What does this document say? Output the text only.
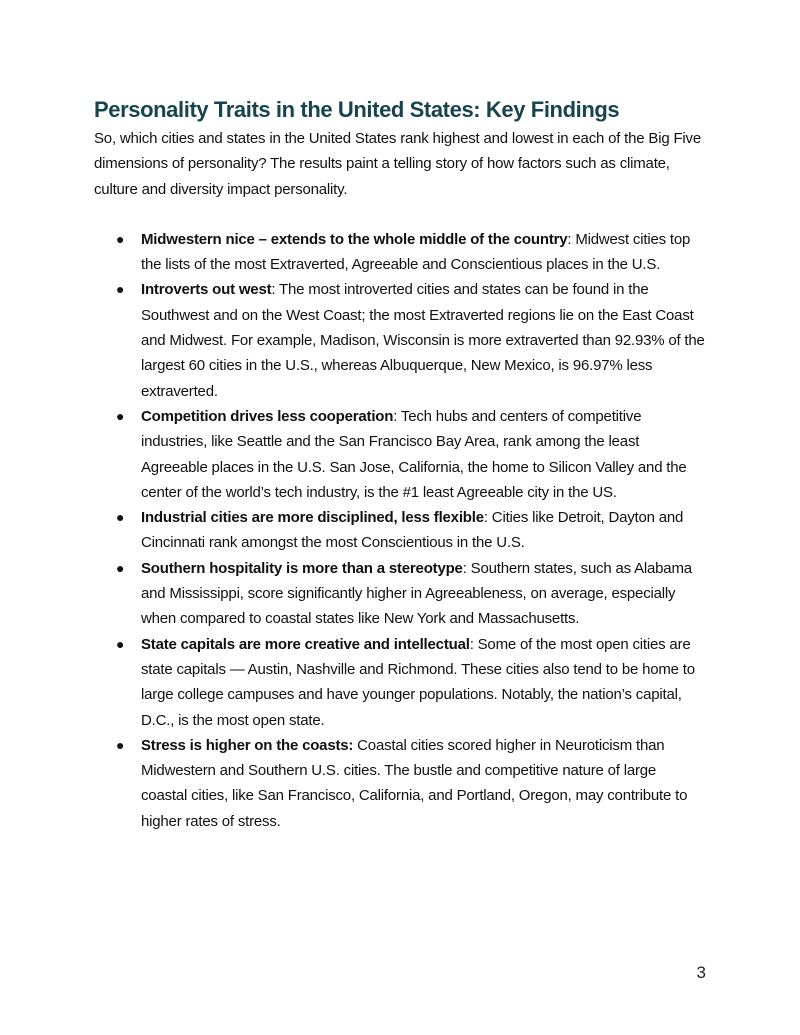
Personality Traits in the United States: Key Findings

So, which cities and states in the United States rank highest and lowest in each of the Big Five dimensions of personality? The results paint a telling story of how factors such as climate, culture and diversity impact personality.

● Midwestern nice – extends to the whole middle of the country: Midwest cities top the lists of the most Extraverted, Agreeable and Conscientious places in the U.S.
● Introverts out west: The most introverted cities and states can be found in the Southwest and on the West Coast; the most Extraverted regions lie on the East Coast and Midwest. For example, Madison, Wisconsin is more extraverted than 92.93% of the largest 60 cities in the U.S., whereas Albuquerque, New Mexico, is 96.97% less extraverted.
● Competition drives less cooperation: Tech hubs and centers of competitive industries, like Seattle and the San Francisco Bay Area, rank among the least Agreeable places in the U.S. San Jose, California, the home to Silicon Valley and the center of the world’s tech industry, is the #1 least Agreeable city in the US.
● Industrial cities are more disciplined, less flexible: Cities like Detroit, Dayton and Cincinnati rank amongst the most Conscientious in the U.S.
● Southern hospitality is more than a stereotype: Southern states, such as Alabama and Mississippi, score significantly higher in Agreeableness, on average, especially when compared to coastal states like New York and Massachusetts.
● State capitals are more creative and intellectual: Some of the most open cities are state capitals — Austin, Nashville and Richmond. These cities also tend to be home to large college campuses and have younger populations. Notably, the nation’s capital, D.C., is the most open state.
● Stress is higher on the coasts: Coastal cities scored higher in Neuroticism than Midwestern and Southern U.S. cities. The bustle and competitive nature of large coastal cities, like San Francisco, California, and Portland, Oregon, may contribute to higher rates of stress.
3
